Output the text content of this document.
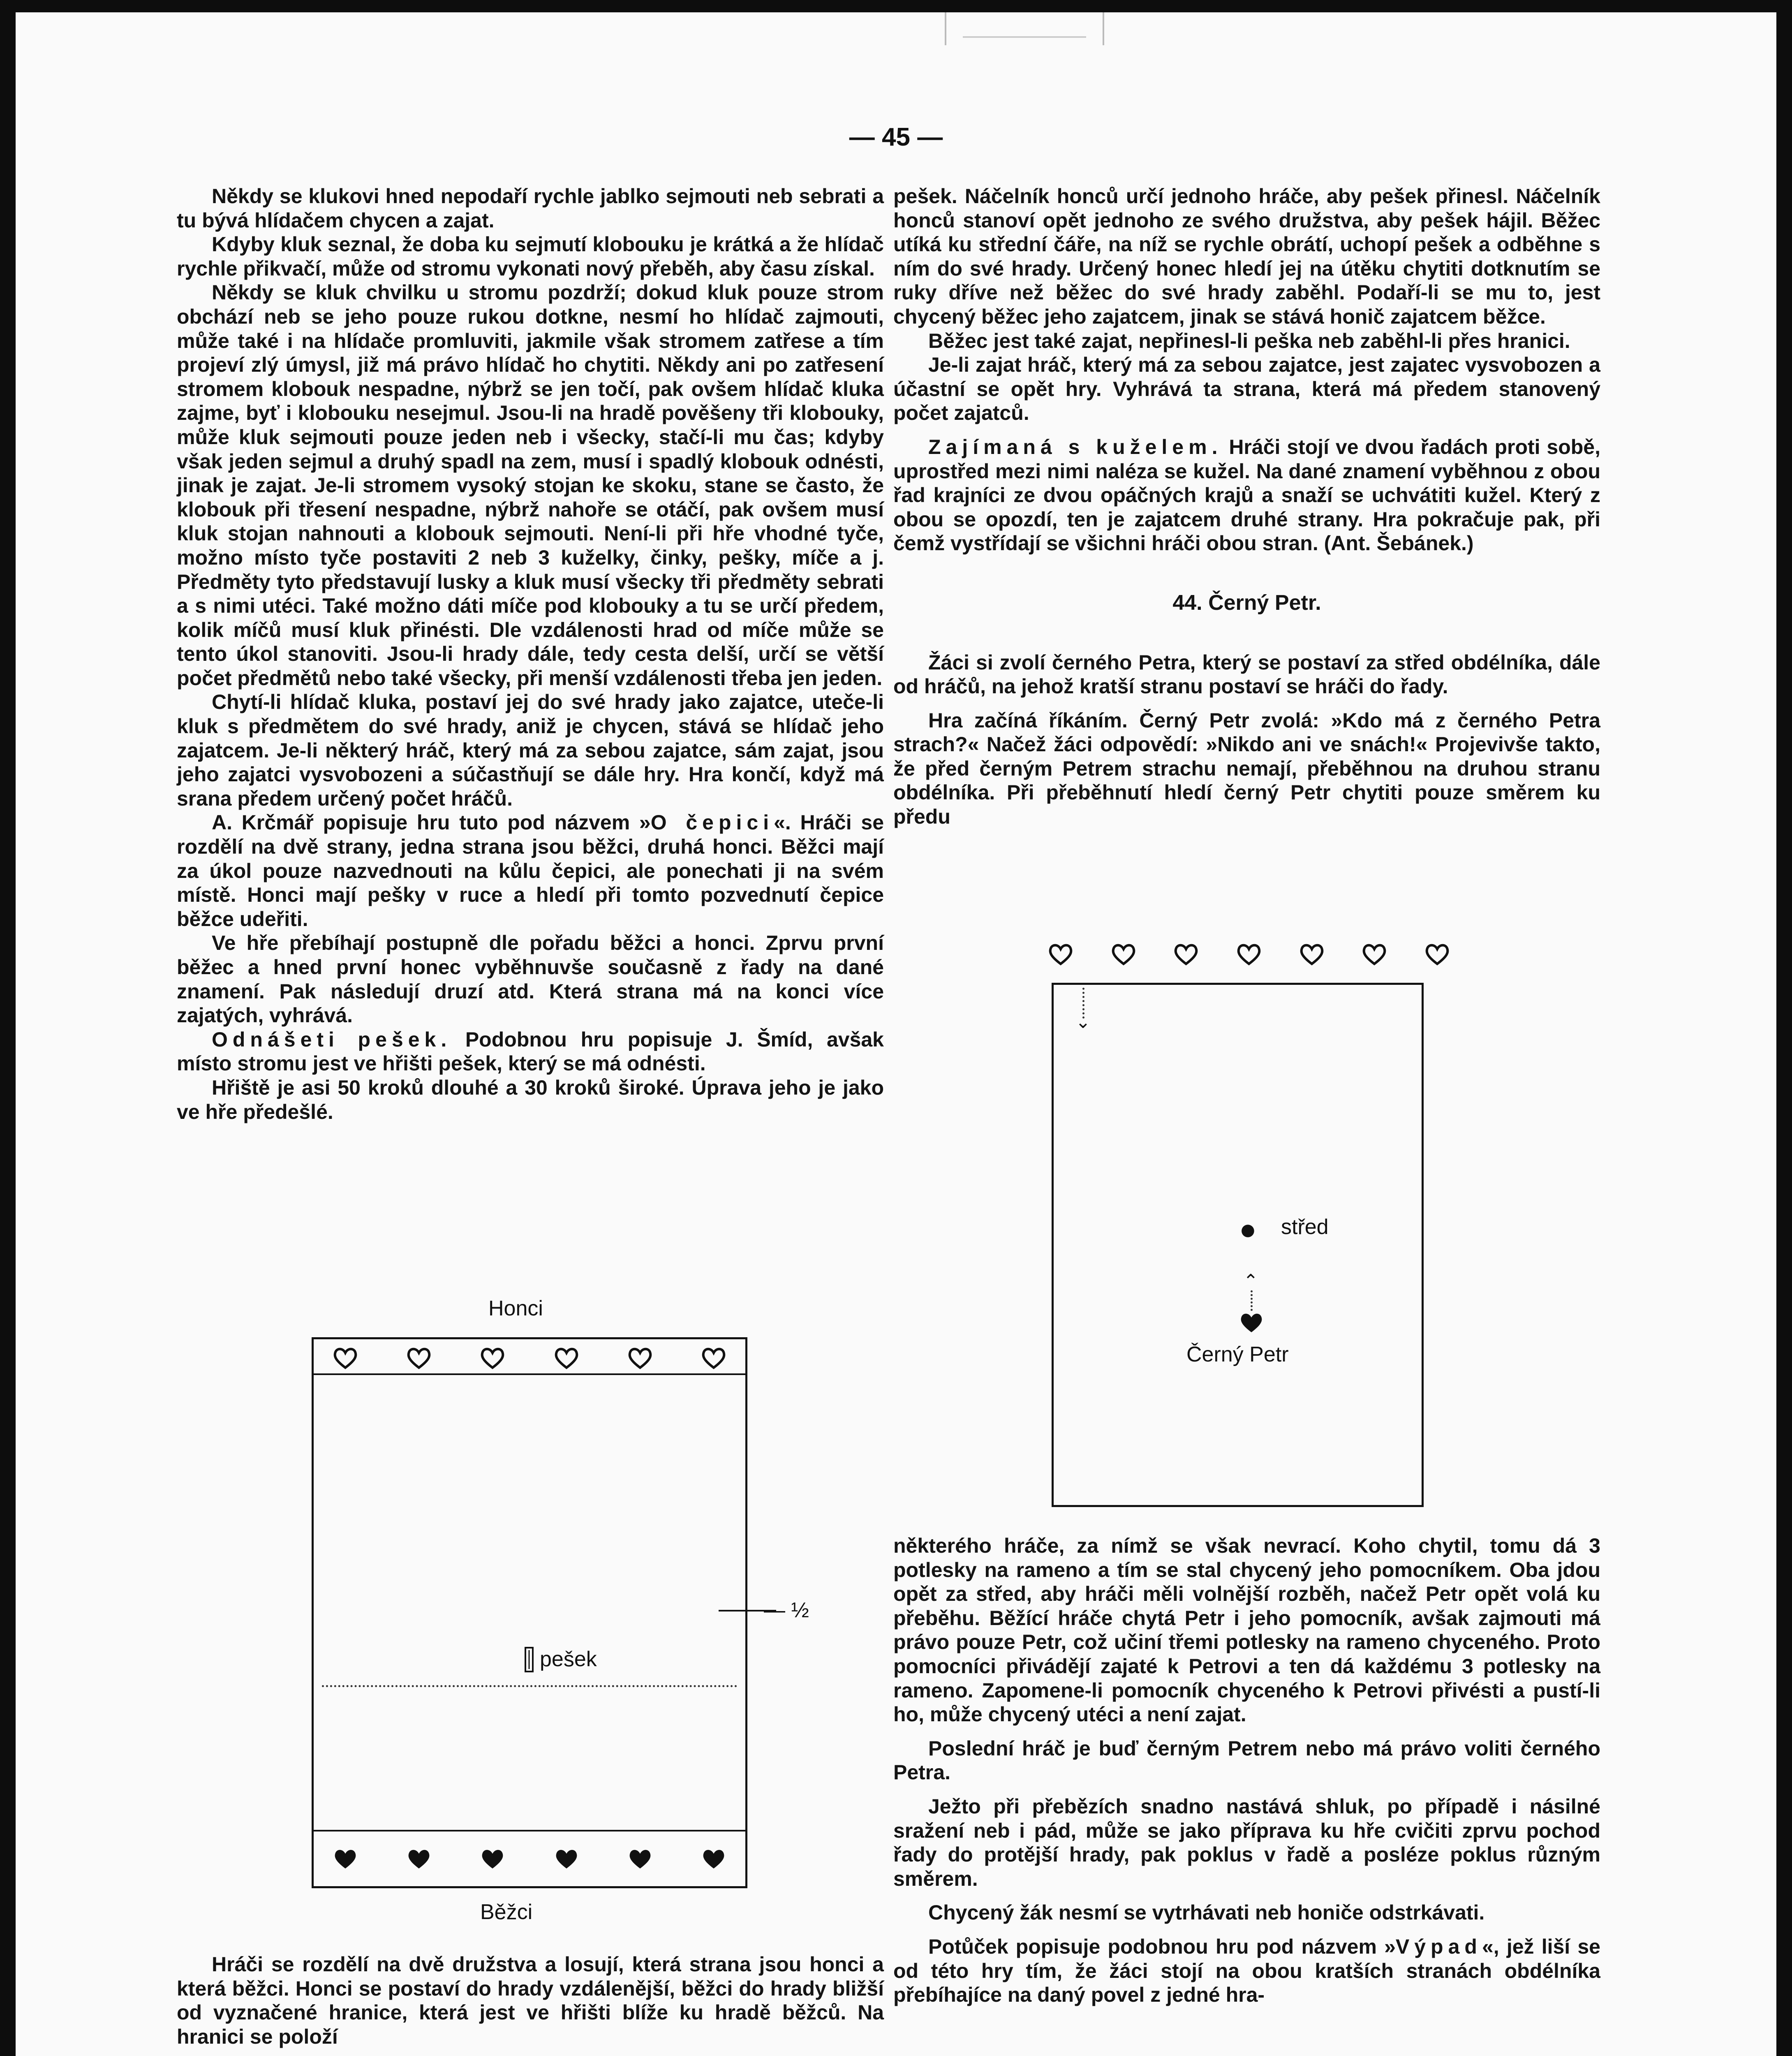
— 45 —

Někdy se klukovi hned nepodaří rychle jablko sejmouti neb sebrati a tu bývá hlídačem chycen a zajat.

Kdyby kluk seznal, že doba ku sejmutí klobouku je krátká a že hlídač rychle přikvačí, může od stromu vykonati nový přeběh, aby času získal.

Někdy se kluk chvilku u stromu pozdrží; dokud kluk pouze strom obchází neb se jeho pouze rukou dotkne, nesmí ho hlídač zajmouti, může také i na hlídače promluviti, jakmile však stromem zatřese a tím projeví zlý úmysl, již má právo hlídač ho chytiti. Někdy ani po zatřesení stromem klobouk nespadne, nýbrž se jen točí, pak ovšem hlídač kluka zajme, byť i klobouku nesejmul. Jsou-li na hradě pověšeny tři klobouky, může kluk sejmouti pouze jeden neb i všecky, stačí-li mu čas; kdyby však jeden sejmul a druhý spadl na zem, musí i spadlý klobouk odnésti, jinak je zajat. Je-li stromem vysoký stojan ke skoku, stane se často, že klobouk při třesení nespadne, nýbrž nahoře se otáčí, pak ovšem musí kluk stojan nahnouti a klobouk sejmouti. Není-li při hře vhodné tyče, možno místo tyče postaviti 2 neb 3 kuželky, činky, pešky, míče a j. Předměty tyto představují lusky a kluk musí všecky tři předměty sebrati a s nimi utéci. Také možno dáti míče pod klobouky a tu se určí předem, kolik míčů musí kluk přinésti. Dle vzdálenosti hrad od míče může se tento úkol stanoviti. Jsou-li hrady dále, tedy cesta delší, určí se větší počet předmětů nebo také všecky, při menší vzdálenosti třeba jen jeden.

Chytí-li hlídač kluka, postaví jej do své hrady jako zajatce, uteče-li kluk s předmětem do své hrady, aniž je chycen, stává se hlídač jeho zajatcem. Je-li některý hráč, který má za sebou zajatce, sám zajat, jsou jeho zajatci vysvobozeni a súčastňují se dále hry. Hra končí, když má srana předem určený počet hráčů.

A. Krčmář popisuje hru tuto pod názvem »O čepici«. Hráči se rozdělí na dvě strany, jedna strana jsou běžci, druhá honci. Běžci mají za úkol pouze nazvednouti na kůlu čepici, ale ponechati ji na svém místě. Honci mají pešky v ruce a hledí při tomto pozvednutí čepice běžce udeřiti.

Ve hře přebíhají postupně dle pořadu běžci a honci. Zprvu první běžec a hned první honec vyběhnuvše současně z řady na dané znamení. Pak následují druzí atd. Která strana má na konci více zajatých, vyhrává.

Odnášeti pešek. Podobnou hru popisuje J. Šmíd, avšak místo stromu jest ve hřišti pešek, který se má odnésti.

Hřiště je asi 50 kroků dlouhé a 30 kroků široké. Úprava jeho je jako ve hře předešlé.

Honci
— ½
pešek
Běžci

Hráči se rozdělí na dvě družstva a losují, která strana jsou honci a která běžci. Honci se postaví do hrady vzdálenější, běžci do hrady bližší od vyznačené hranice, která jest ve hřišti blíže ku hradě běžců. Na hranici se položí

pešek. Náčelník honců určí jednoho hráče, aby pešek přinesl. Náčelník honců stanoví opět jednoho ze svého družstva, aby pešek hájil. Běžec utíká ku střední čáře, na níž se rychle obrátí, uchopí pešek a odběhne s ním do své hrady. Určený honec hledí jej na útěku chytiti dotknutím se ruky dříve než běžec do své hrady zaběhl. Podaří-li se mu to, jest chycený běžec jeho zajatcem, jinak se stává honič zajatcem běžce.

Běžec jest také zajat, nepřinesl-li peška neb zaběhl-li přes hranici.

Je-li zajat hráč, který má za sebou zajatce, jest zajatec vysvobozen a účastní se opět hry. Vyhrává ta strana, která má předem stanovený počet zajatců.

Zajímaná s kuželem. Hráči stojí ve dvou řadách proti sobě, uprostřed mezi nimi naléza se kužel. Na dané znamení vyběhnou z obou řad krajníci ze dvou opáčných krajů a snaží se uchvátiti kužel. Který z obou se opozdí, ten je zajatcem druhé strany. Hra pokračuje pak, při čemž vystřídají se všichni hráči obou stran. (Ant. Šebánek.)

44. Černý Petr.

Žáci si zvolí černého Petra, který se postaví za střed obdélníka, dále od hráčů, na jehož kratší stranu postaví se hráči do řady.

Hra začíná říkáním. Černý Petr zvolá: »Kdo má z černého Petra strach?« Načež žáci odpovědí: »Nikdo ani ve snách!« Projevivše takto, že před černým Petrem strachu nemají, přeběhnou na druhou stranu obdélníka. Při přeběhnutí hledí černý Petr chytiti pouze směrem ku předu

⌄
● střed
⌃
Černý Petr

některého hráče, za nímž se však nevrací. Koho chytil, tomu dá 3 potlesky na rameno a tím se stal chycený jeho pomocníkem. Oba jdou opět za střed, aby hráči měli volnější rozběh, načež Petr opět volá ku přeběhu. Běžící hráče chytá Petr i jeho pomocník, avšak zajmouti má právo pouze Petr, což učiní třemi potlesky na rameno chyceného. Proto pomocníci přivádějí zajaté k Petrovi a ten dá každému 3 potlesky na rameno. Zapomene-li pomocník chyceného k Petrovi přivésti a pustí-li ho, může chycený utéci a není zajat.

Poslední hráč je buď černým Petrem nebo má právo voliti černého Petra.

Ježto při přebězích snadno nastává shluk, po případě i násilné sražení neb i pád, může se jako příprava ku hře cvičiti zprvu pochod řady do protější hrady, pak poklus v řadě a posléze poklus různým směrem.

Chycený žák nesmí se vytrhávati neb honiče odstrkávati.

Potůček popisuje podobnou hru pod názvem »Výpad«, jež liší se od této hry tím, že žáci stojí na obou kratších stranách obdélníka přebíhajíce na daný povel z jedné hra-
